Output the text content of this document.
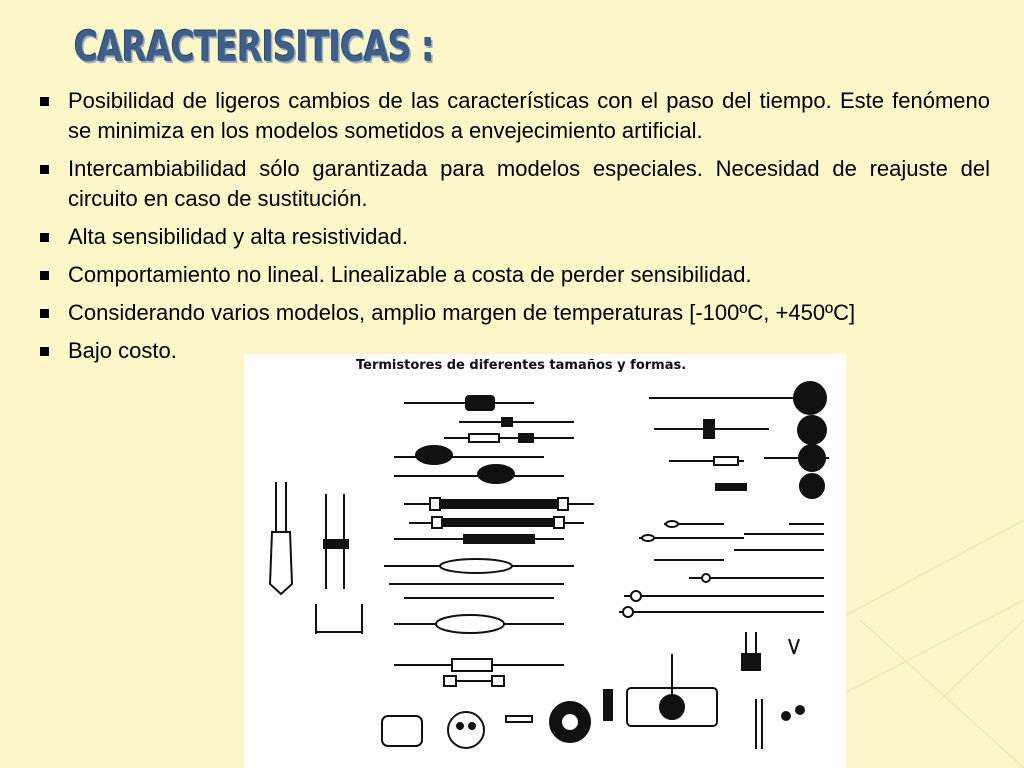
CARACTERISITICAS :
Posibilidad de ligeros cambios de las características con el paso del tiempo. Este fenómeno se minimiza en los modelos sometidos a envejecimiento artificial.
Intercambiabilidad sólo garantizada para modelos especiales. Necesidad de reajuste del circuito en caso de sustitución.
Alta sensibilidad y alta resistividad.
Comportamiento no lineal. Linealizable a costa de perder sensibilidad.
Considerando varios modelos, amplio margen de temperaturas [-100ºC, +450ºC]
Bajo costo.

Termistores de diferentes tamaños y formas.
